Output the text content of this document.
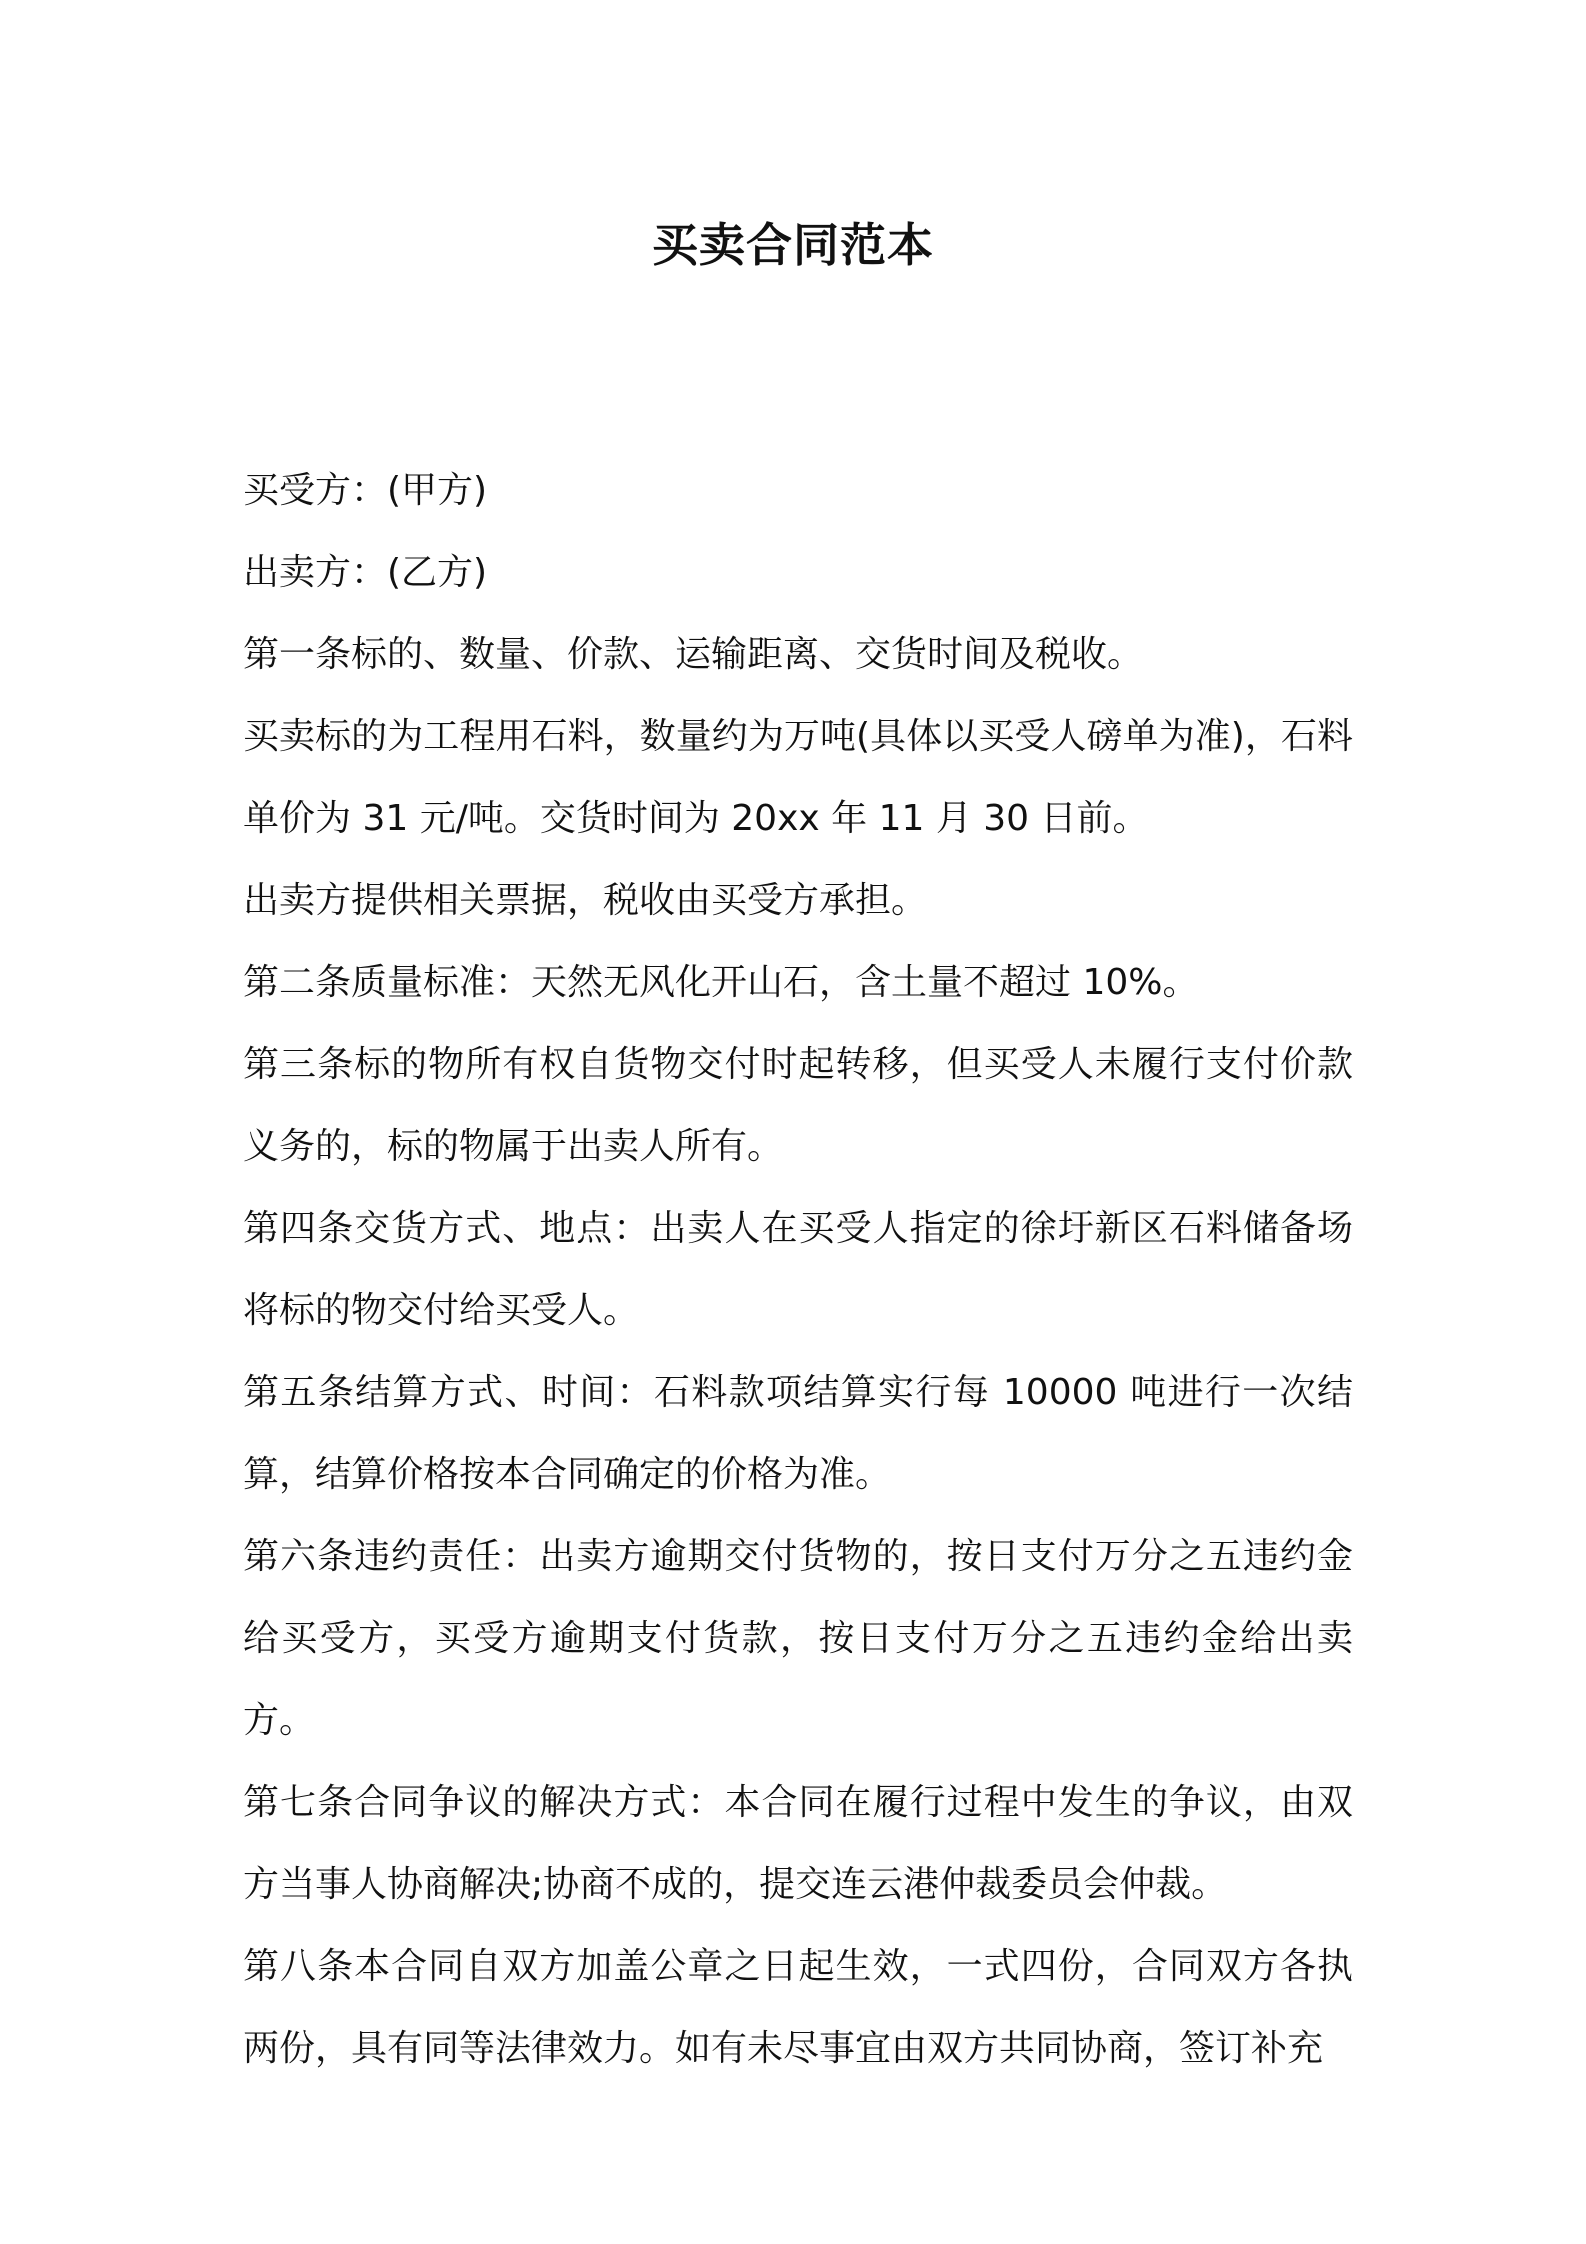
买卖合同范本

买受方：(甲方)

出卖方：(乙方)

第一条标的、数量、价款、运输距离、交货时间及税收。

买卖标的为工程用石料，数量约为万吨(具体以买受人磅单为准)，石料单价为 31 元/吨。交货时间为 20xx 年 11 月 30 日前。

出卖方提供相关票据，税收由买受方承担。

第二条质量标准：天然无风化开山石，含土量不超过 10%。

第三条标的物所有权自货物交付时起转移，但买受人未履行支付价款义务的，标的物属于出卖人所有。

第四条交货方式、地点：出卖人在买受人指定的徐圩新区石料储备场将标的物交付给买受人。

第五条结算方式、时间：石料款项结算实行每 10000 吨进行一次结算，结算价格按本合同确定的价格为准。

第六条违约责任：出卖方逾期交付货物的，按日支付万分之五违约金给买受方，买受方逾期支付货款，按日支付万分之五违约金给出卖方。

第七条合同争议的解决方式：本合同在履行过程中发生的争议，由双方当事人协商解决;协商不成的，提交连云港仲裁委员会仲裁。

第八条本合同自双方加盖公章之日起生效，一式四份，合同双方各执两份，具有同等法律效力。如有未尽事宜由双方共同协商，签订补充
